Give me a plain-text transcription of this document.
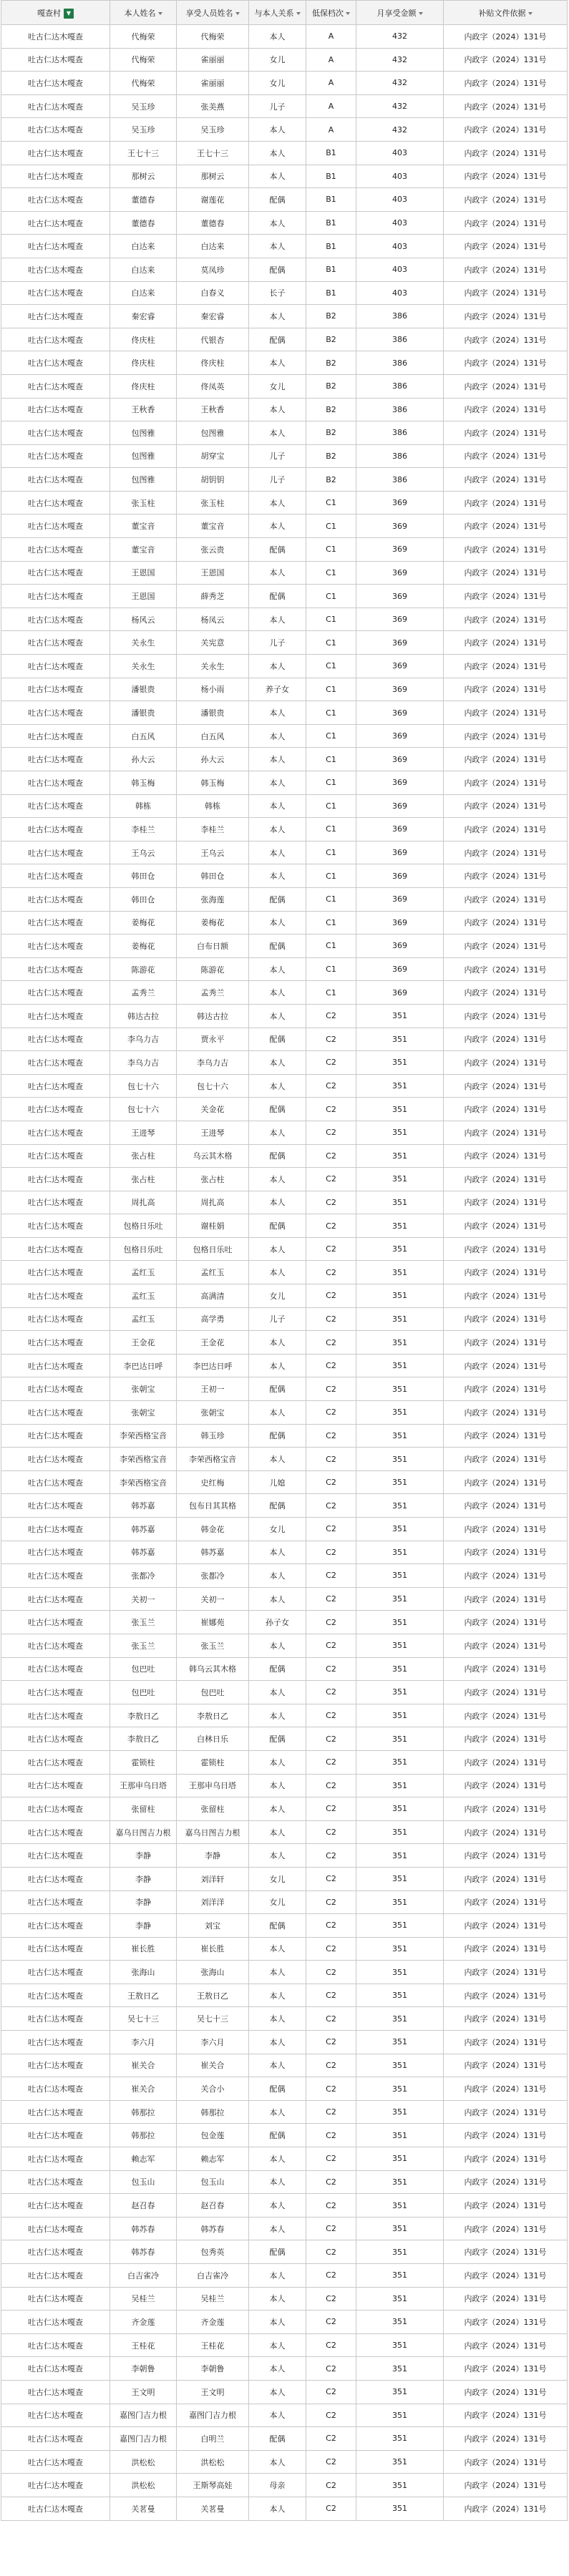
嘎查村 ▼	本人姓名	享受人员姓名	与本人关系	低保档次	月享受金额	补贴文件依据
吐古仁达木嘎查	代梅荣	代梅荣	本人	A	432	内政字（2024）131号
吐古仁达木嘎查	代梅荣	雀丽丽	女儿	A	432	内政字（2024）131号
吐古仁达木嘎查	代梅荣	雀丽丽	女儿	A	432	内政字（2024）131号
吐古仁达木嘎查	吴玉珍	张美燕	儿子	A	432	内政字（2024）131号
吐古仁达木嘎查	吴玉珍	吴玉珍	本人	A	432	内政字（2024）131号
吐古仁达木嘎查	王七十三	王七十三	本人	B1	403	内政字（2024）131号
吐古仁达木嘎查	那树云	那树云	本人	B1	403	内政字（2024）131号
吐古仁达木嘎查	董德春	谢莲花	配偶	B1	403	内政字（2024）131号
吐古仁达木嘎查	董德春	董德春	本人	B1	403	内政字（2024）131号
吐古仁达木嘎查	白达来	白达来	本人	B1	403	内政字（2024）131号
吐古仁达木嘎查	白达来	莫凤珍	配偶	B1	403	内政字（2024）131号
吐古仁达木嘎查	白达来	白春义	长子	B1	403	内政字（2024）131号
吐古仁达木嘎查	秦宏睿	秦宏睿	本人	B2	386	内政字（2024）131号
吐古仁达木嘎查	佟庆柱	代银杏	配偶	B2	386	内政字（2024）131号
吐古仁达木嘎查	佟庆柱	佟庆柱	本人	B2	386	内政字（2024）131号
吐古仁达木嘎查	佟庆柱	佟凤英	女儿	B2	386	内政字（2024）131号
吐古仁达木嘎查	王秋香	王秋香	本人	B2	386	内政字（2024）131号
吐古仁达木嘎查	包图雅	包图雅	本人	B2	386	内政字（2024）131号
吐古仁达木嘎查	包图雅	胡穿宝	儿子	B2	386	内政字（2024）131号
吐古仁达木嘎查	包图雅	胡钥钥	儿子	B2	386	内政字（2024）131号
吐古仁达木嘎查	张玉柱	张玉柱	本人	C1	369	内政字（2024）131号
吐古仁达木嘎查	董宝音	董宝音	本人	C1	369	内政字（2024）131号
吐古仁达木嘎查	董宝音	张云贵	配偶	C1	369	内政字（2024）131号
吐古仁达木嘎查	王恩国	王恩国	本人	C1	369	内政字（2024）131号
吐古仁达木嘎查	王恩国	薛秀芝	配偶	C1	369	内政字（2024）131号
吐古仁达木嘎查	杨风云	杨凤云	本人	C1	369	内政字（2024）131号
吐古仁达木嘎查	关永生	关宪意	儿子	C1	369	内政字（2024）131号
吐古仁达木嘎查	关永生	关永生	本人	C1	369	内政字（2024）131号
吐古仁达木嘎查	潘银贵	杨小雨	养子女	C1	369	内政字（2024）131号
吐古仁达木嘎查	潘银贵	潘银贵	本人	C1	369	内政字（2024）131号
吐古仁达木嘎查	白五风	白五风	本人	C1	369	内政字（2024）131号
吐古仁达木嘎查	孙大云	孙大云	本人	C1	369	内政字（2024）131号
吐古仁达木嘎查	韩玉梅	韩玉梅	本人	C1	369	内政字（2024）131号
吐古仁达木嘎查	韩栋	韩栋	本人	C1	369	内政字（2024）131号
吐古仁达木嘎查	李桂兰	李桂兰	本人	C1	369	内政字（2024）131号
吐古仁达木嘎查	王乌云	王乌云	本人	C1	369	内政字（2024）131号
吐古仁达木嘎查	韩田仓	韩田仓	本人	C1	369	内政字（2024）131号
吐古仁达木嘎查	韩田仓	张海莲	配偶	C1	369	内政字（2024）131号
吐古仁达木嘎查	姜梅花	姜梅花	本人	C1	369	内政字（2024）131号
吐古仁达木嘎查	姜梅花	白布日额	配偶	C1	369	内政字（2024）131号
吐古仁达木嘎查	陈游花	陈游花	本人	C1	369	内政字（2024）131号
吐古仁达木嘎查	孟秀兰	孟秀兰	本人	C1	369	内政字（2024）131号
吐古仁达木嘎查	韩达古拉	韩达古拉	本人	C2	351	内政字（2024）131号
吐古仁达木嘎查	李乌力吉	贾永平	配偶	C2	351	内政字（2024）131号
吐古仁达木嘎查	李乌力吉	李乌力吉	本人	C2	351	内政字（2024）131号
吐古仁达木嘎查	包七十六	包七十六	本人	C2	351	内政字（2024）131号
吐古仁达木嘎查	包七十六	关金花	配偶	C2	351	内政字（2024）131号
吐古仁达木嘎查	王进琴	王进琴	本人	C2	351	内政字（2024）131号
吐古仁达木嘎查	张占柱	乌云其木格	配偶	C2	351	内政字（2024）131号
吐古仁达木嘎查	张占柱	张占柱	本人	C2	351	内政字（2024）131号
吐古仁达木嘎查	周扎高	周扎高	本人	C2	351	内政字（2024）131号
吐古仁达木嘎查	包格日乐吐	谢桂娟	配偶	C2	351	内政字（2024）131号
吐古仁达木嘎查	包格日乐吐	包格日乐吐	本人	C2	351	内政字（2024）131号
吐古仁达木嘎查	孟红玉	孟红玉	本人	C2	351	内政字（2024）131号
吐古仁达木嘎查	孟红玉	高满清	女儿	C2	351	内政字（2024）131号
吐古仁达木嘎查	孟红玉	高学勇	儿子	C2	351	内政字（2024）131号
吐古仁达木嘎查	王金花	王金花	本人	C2	351	内政字（2024）131号
吐古仁达木嘎查	李巴达日呼	李巴达日呼	本人	C2	351	内政字（2024）131号
吐古仁达木嘎查	张朝宝	王初一	配偶	C2	351	内政字（2024）131号
吐古仁达木嘎查	张朝宝	张朝宝	本人	C2	351	内政字（2024）131号
吐古仁达木嘎查	李荣西格宝音	韩玉珍	配偶	C2	351	内政字（2024）131号
吐古仁达木嘎查	李荣西格宝音	李荣西格宝音	本人	C2	351	内政字（2024）131号
吐古仁达木嘎查	李荣西格宝音	史红梅	儿媳	C2	351	内政字（2024）131号
吐古仁达木嘎查	韩苏嘉	包布日其其格	配偶	C2	351	内政字（2024）131号
吐古仁达木嘎查	韩苏嘉	韩金花	女儿	C2	351	内政字（2024）131号
吐古仁达木嘎查	韩苏嘉	韩苏嘉	本人	C2	351	内政字（2024）131号
吐古仁达木嘎查	张都冷	张都冷	本人	C2	351	内政字（2024）131号
吐古仁达木嘎查	关初一	关初一	本人	C2	351	内政字（2024）131号
吐古仁达木嘎查	张玉兰	崔娜苑	孙子女	C2	351	内政字（2024）131号
吐古仁达木嘎查	张玉兰	张玉兰	本人	C2	351	内政字（2024）131号
吐古仁达木嘎查	包巴吐	韩乌云其木格	配偶	C2	351	内政字（2024）131号
吐古仁达木嘎查	包巴吐	包巴吐	本人	C2	351	内政字（2024）131号
吐古仁达木嘎查	李敖日乙	李敖日乙	本人	C2	351	内政字（2024）131号
吐古仁达木嘎查	李敖日乙	白林日乐	配偶	C2	351	内政字（2024）131号
吐古仁达木嘎查	霍锁柱	霍锁柱	本人	C2	351	内政字（2024）131号
吐古仁达木嘎查	王那申乌日塔	王那申乌日塔	本人	C2	351	内政字（2024）131号
吐古仁达木嘎查	张留柱	张留柱	本人	C2	351	内政字（2024）131号
吐古仁达木嘎查	嘉乌日图吉力根	嘉乌日图吉力根	本人	C2	351	内政字（2024）131号
吐古仁达木嘎查	李静	李静	本人	C2	351	内政字（2024）131号
吐古仁达木嘎查	李静	刘洋轩	女儿	C2	351	内政字（2024）131号
吐古仁达木嘎查	李静	刘洋洋	女儿	C2	351	内政字（2024）131号
吐古仁达木嘎查	李静	刘宝	配偶	C2	351	内政字（2024）131号
吐古仁达木嘎查	崔长胜	崔长胜	本人	C2	351	内政字（2024）131号
吐古仁达木嘎查	张海山	张海山	本人	C2	351	内政字（2024）131号
吐古仁达木嘎查	王敖日乙	王敖日乙	本人	C2	351	内政字（2024）131号
吐古仁达木嘎查	吴七十三	吴七十三	本人	C2	351	内政字（2024）131号
吐古仁达木嘎查	李六月	李六月	本人	C2	351	内政字（2024）131号
吐古仁达木嘎查	崔关合	崔关合	本人	C2	351	内政字（2024）131号
吐古仁达木嘎查	崔关合	关合小	配偶	C2	351	内政字（2024）131号
吐古仁达木嘎查	韩那拉	韩那拉	本人	C2	351	内政字（2024）131号
吐古仁达木嘎查	韩那拉	包金莲	配偶	C2	351	内政字（2024）131号
吐古仁达木嘎查	赖志军	赖志军	本人	C2	351	内政字（2024）131号
吐古仁达木嘎查	包玉山	包玉山	本人	C2	351	内政字（2024）131号
吐古仁达木嘎查	赵召春	赵召春	本人	C2	351	内政字（2024）131号
吐古仁达木嘎查	韩苏春	韩苏春	本人	C2	351	内政字（2024）131号
吐古仁达木嘎查	韩苏春	包秀英	配偶	C2	351	内政字（2024）131号
吐古仁达木嘎查	白吉雀冷	白吉雀冷	本人	C2	351	内政字（2024）131号
吐古仁达木嘎查	吴桂兰	吴桂兰	本人	C2	351	内政字（2024）131号
吐古仁达木嘎查	齐金莲	齐金莲	本人	C2	351	内政字（2024）131号
吐古仁达木嘎查	王桂花	王桂花	本人	C2	351	内政字（2024）131号
吐古仁达木嘎查	李朝鲁	李朝鲁	本人	C2	351	内政字（2024）131号
吐古仁达木嘎查	王文明	王文明	本人	C2	351	内政字（2024）131号
吐古仁达木嘎查	嘉图门吉力根	嘉图门吉力根	本人	C2	351	内政字（2024）131号
吐古仁达木嘎查	嘉图门吉力根	白明兰	配偶	C2	351	内政字（2024）131号
吐古仁达木嘎查	洪松松	洪松松	本人	C2	351	内政字（2024）131号
吐古仁达木嘎查	洪松松	王斯琴高娃	母亲	C2	351	内政字（2024）131号
吐古仁达木嘎查	关茗曼	关茗曼	本人	C2	351	内政字（2024）131号
